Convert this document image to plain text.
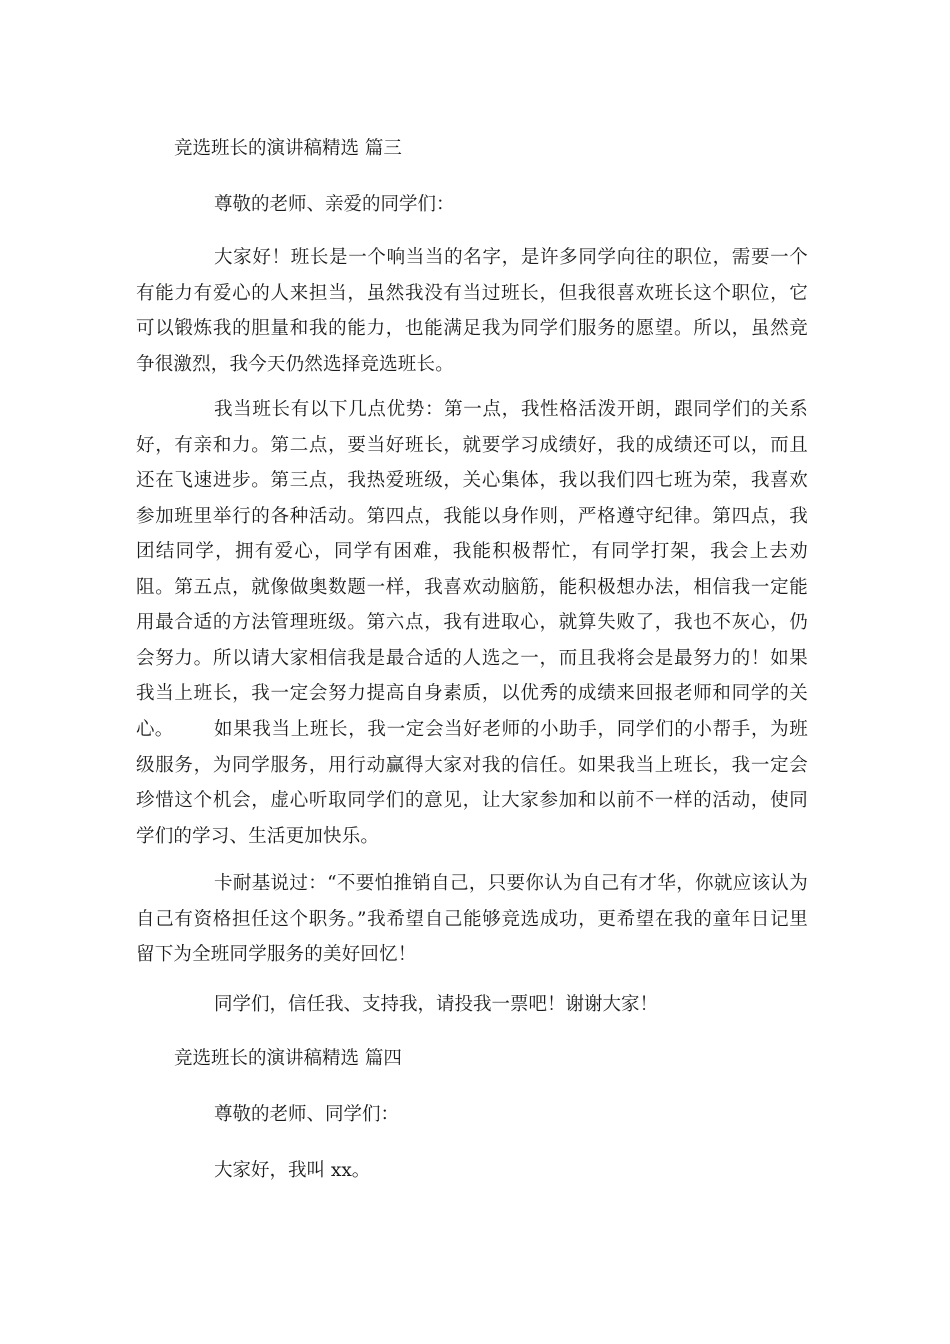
竞选班长的演讲稿精选 篇三
尊敬的老师、亲爱的同学们：
大家好！班长是一个响当当的名字，是许多同学向往的职位，需要一个有能力有爱心的人来担当，虽然我没有当过班长，但我很喜欢班长这个职位，它可以锻炼我的胆量和我的能力，也能满足我为同学们服务的愿望。所以，虽然竞争很激烈，我今天仍然选择竞选班长。
我当班长有以下几点优势：第一点，我性格活泼开朗，跟同学们的关系好，有亲和力。第二点，要当好班长，就要学习成绩好，我的成绩还可以，而且还在飞速进步。第三点，我热爱班级，关心集体，我以我们四七班为荣，我喜欢参加班里举行的各种活动。第四点，我能以身作则，严格遵守纪律。第四点，我团结同学，拥有爱心，同学有困难，我能积极帮忙，有同学打架，我会上去劝阻。第五点，就像做奥数题一样，我喜欢动脑筋，能积极想办法，相信我一定能用最合适的方法管理班级。第六点，我有进取心，就算失败了，我也不灰心，仍会努力。所以请大家相信我是最合适的人选之一，而且我将会是最努力的！如果我当上班长，我一定会努力提高自身素质，以优秀的成绩来回报老师和同学的关心。	如果我当上班长，我一定会当好老师的小助手，同学们的小帮手，为班级服务，为同学服务，用行动赢得大家对我的信任。如果我当上班长，我一定会珍惜这个机会，虚心听取同学们的意见，让大家参加和以前不一样的活动，使同学们的学习、生活更加快乐。
卡耐基说过：“不要怕推销自己，只要你认为自己有才华，你就应该认为自己有资格担任这个职务。”我希望自己能够竞选成功，更希望在我的童年日记里留下为全班同学服务的美好回忆！
同学们，信任我、支持我，请投我一票吧！谢谢大家！
竞选班长的演讲稿精选 篇四
尊敬的老师、同学们：
大家好，我叫 xx。
